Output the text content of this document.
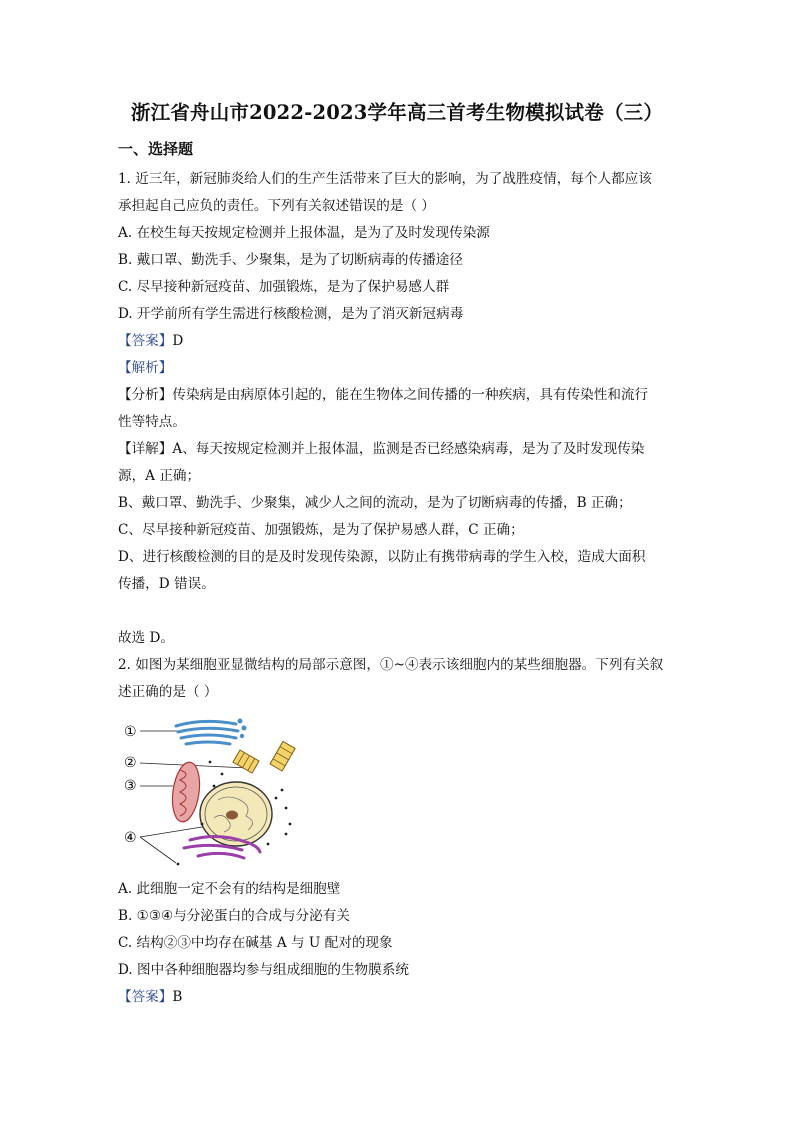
浙江省舟山市2022-2023学年高三首考生物模拟试卷（三）
一、选择题
1. 近三年，新冠肺炎给人们的生产生活带来了巨大的影响，为了战胜疫情，每个人都应该
承担起自己应负的责任。下列有关叙述错误的是（ ）
A. 在校生每天按规定检测并上报体温，是为了及时发现传染源
B. 戴口罩、勤洗手、少聚集，是为了切断病毒的传播途径
C. 尽早接种新冠疫苗、加强锻炼，是为了保护易感人群
D. 开学前所有学生需进行核酸检测，是为了消灭新冠病毒
【答案】D
【解析】
【分析】传染病是由病原体引起的，能在生物体之间传播的一种疾病，具有传染性和流行
性等特点。
【详解】A、每天按规定检测并上报体温，监测是否已经感染病毒，是为了及时发现传染
源，A 正确；
B、戴口罩、勤洗手、少聚集，减少人之间的流动，是为了切断病毒的传播，B 正确；
C、尽早接种新冠疫苗、加强锻炼，是为了保护易感人群，C 正确；
D、进行核酸检测的目的是及时发现传染源，以防止有携带病毒的学生入校，造成大面积
传播，D 错误。
故选 D。
2. 如图为某细胞亚显微结构的局部示意图，①~④表示该细胞内的某些细胞器。下列有关叙
述正确的是（ ）
①
②
③
④
A. 此细胞一定不会有的结构是细胞壁
B. ①③④与分泌蛋白的合成与分泌有关
C. 结构②③中均存在碱基 A 与 U 配对的现象
D. 图中各种细胞器均参与组成细胞的生物膜系统
【答案】B
